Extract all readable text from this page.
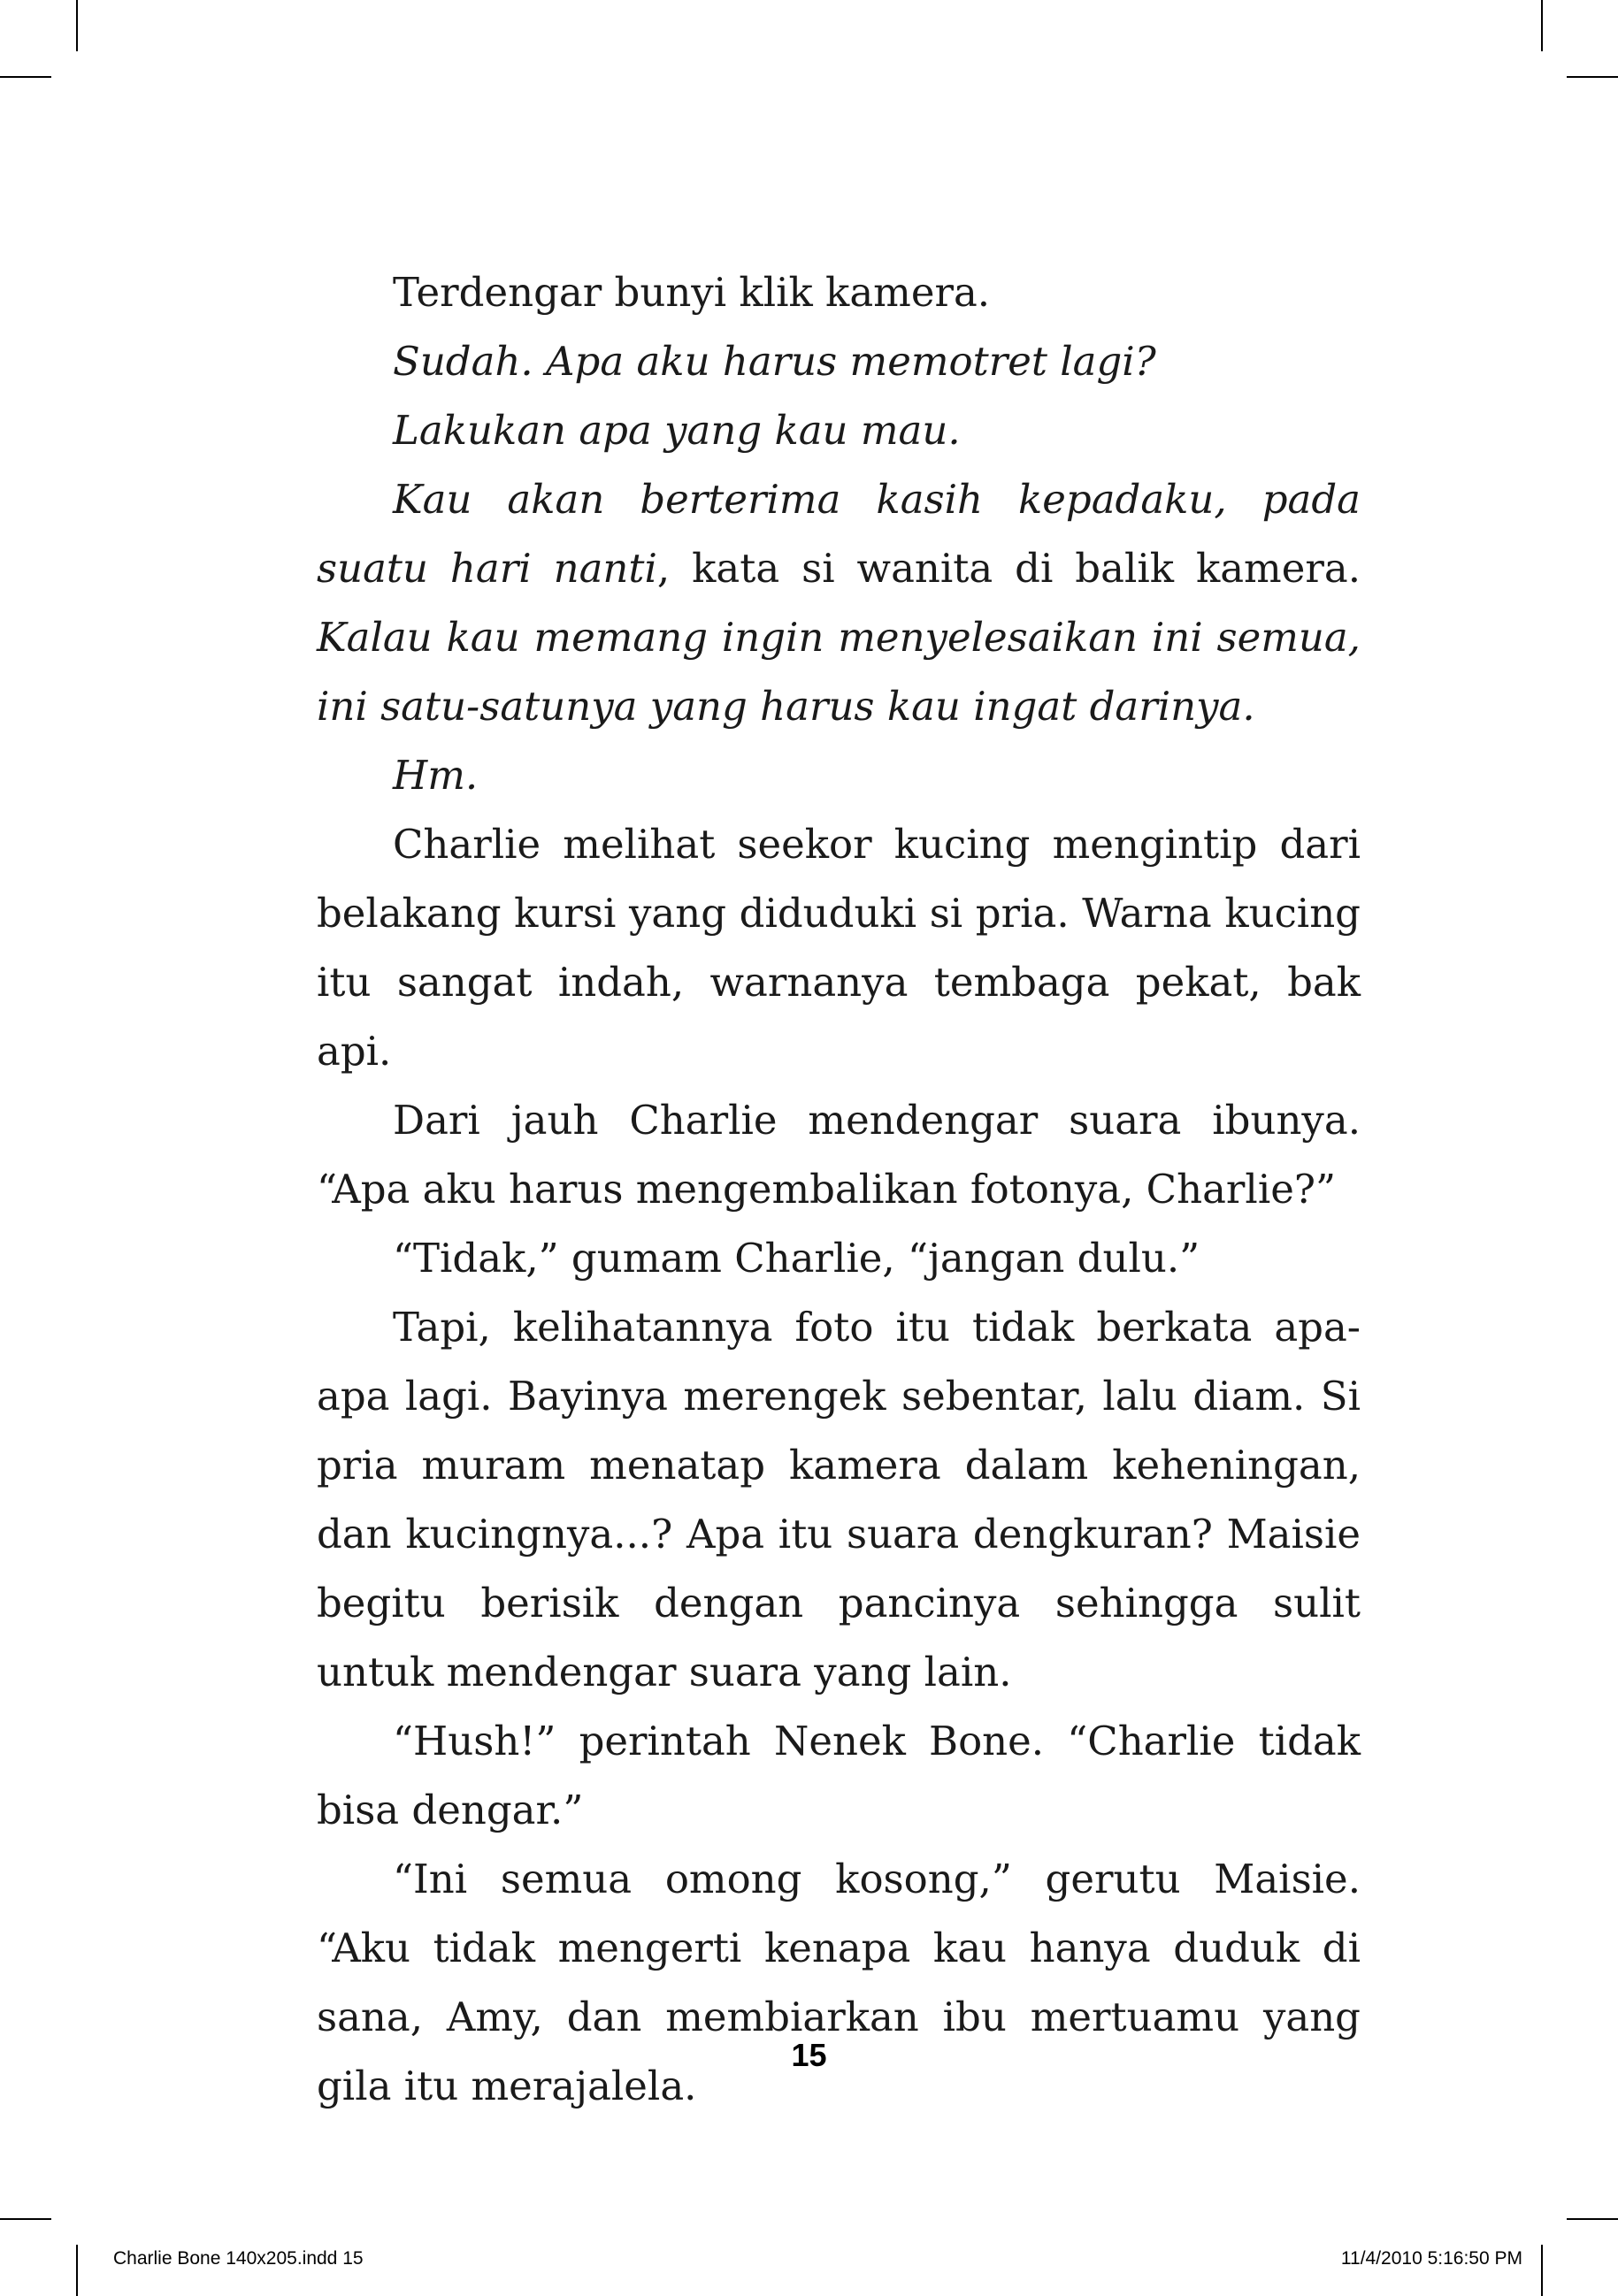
Terdengar bunyi klik kamera.

Sudah. Apa aku harus memotret lagi?

Lakukan apa yang kau mau.

Kau akan berterima kasih kepadaku, pada suatu hari nanti, kata si wanita di balik kamera. Kalau kau memang ingin menyelesaikan ini semua, ini satu-satunya yang harus kau ingat darinya.

Hm.

Charlie melihat seekor kucing mengintip dari belakang kursi yang diduduki si pria. Warna kucing itu sangat indah, warnanya tembaga pekat, bak api.

Dari jauh Charlie mendengar suara ibunya. “Apa aku harus mengembalikan fotonya, Charlie?”

“Tidak,” gumam Charlie, “jangan dulu.”

Tapi, kelihatannya foto itu tidak berkata apa-apa lagi. Bayinya merengek sebentar, lalu diam. Si pria muram menatap kamera dalam keheningan, dan kucingnya...? Apa itu suara dengkuran? Maisie begitu berisik dengan pancinya sehingga sulit untuk mendengar suara yang lain.

“Hush!” perintah Nenek Bone. “Charlie tidak bisa dengar.”

“Ini semua omong kosong,” gerutu Maisie. “Aku tidak mengerti kenapa kau hanya duduk di sana, Amy, dan membiarkan ibu mertuamu yang gila itu merajalela.

15
Charlie Bone 140x205.indd 15	11/4/2010 5:16:50 PM
